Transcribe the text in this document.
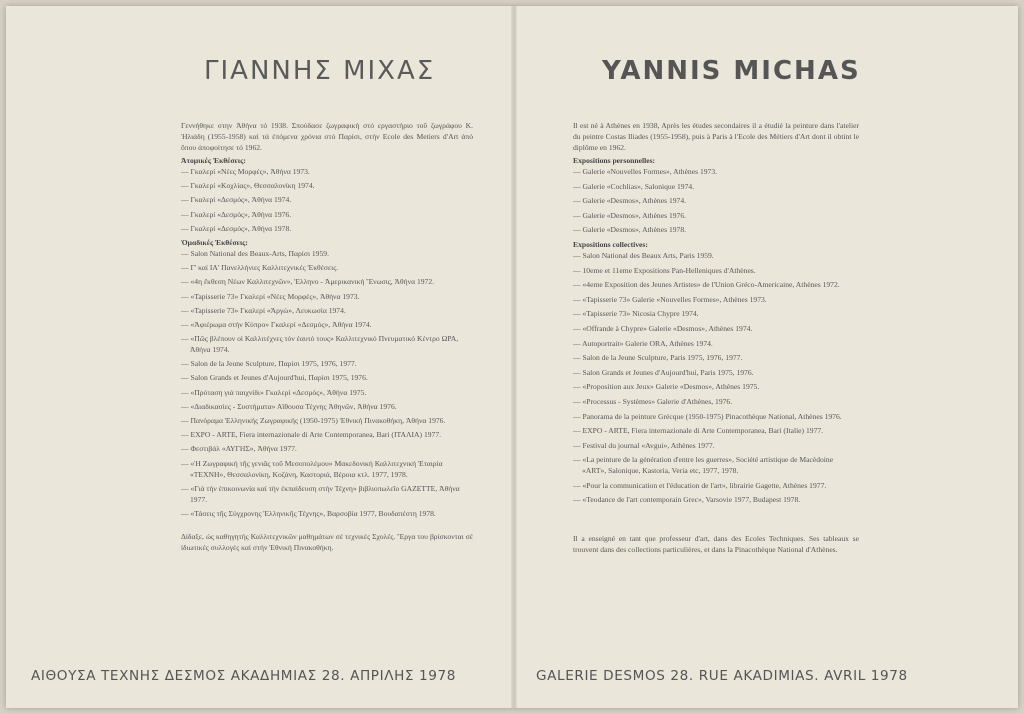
ΓΙΑΝΝΗΣ ΜΙΧΑΣ

Γεννήθηκε στην Ἀθήνα τό 1938. Σπούδασε ζωγραφική στό εργαστήριο τοῦ ζωγράφου Κ. Ἠλιάδη (1955-1958) καί τά ἐπόμενα χρόνια στό Παρίσι, στήν Ecole des Metiers d'Art ἀπό ὅπου ἀποφοίτησε τό 1962.

Ἀτομικές Ἐκθέσεις:

— Γκαλερί «Νέες Μορφές», Ἀθήνα 1973.
— Γκαλερί «Κοχλίας», Θεσσαλονίκη 1974.
— Γκαλερί «Δεσμός», Ἀθήνα 1974.
— Γκαλερί «Δεσμός», Ἀθήνα 1976.
— Γκαλερί «Δεσμός», Ἀθήνα 1978.

Ὁμαδικές Ἐκθέσεις:

— Salon National des Beaux-Arts, Παρίσι 1959.
— Γ' καί ΙΑ' Πανελλήνιες Καλλιτεχνικές Ἐκθέσεις.
— «4η ἔκθεση Νέων Καλλιτεχνῶν», Ἑλληνο - Ἀμερικανική Ἕνωσις, Ἀθήνα 1972.
— «Tapisserie 73» Γκαλερί «Νέες Μορφές», Ἀθήνα 1973.
— «Tapisserie 73» Γκαλερί «Ἀργώ», Λευκωσία 1974.
— «Ἀφιέρωμα στήν Κύπρο» Γκαλερί «Δεσμός», Ἀθήνα 1974.
— «Πῶς βλέπουν οἱ Καλλιτέχνες τόν ἑαυτό τους» Καλλιτεχνικό Πνευματικό Κέντρο ΩΡΑ, Ἀθήνα 1974.
— Salon de la Jeune Sculpture, Παρίσι 1975, 1976, 1977.
— Salon Grands et Jeunes d'Aujourd'hui, Παρίσι 1975, 1976.
— «Πρόταση γιά παιχνίδι» Γκαλερί «Δεσμός», Ἀθήνα 1975.
— «Διαδικασίες - Συστήματα» Αἴθουσα Τέχνης Ἀθηνῶν, Ἀθήνα 1976.
— Πανόραμα Ἑλληνικής Ζωγραφικής (1950-1975) Ἐθνική Πινακοθήκη, Ἀθήνα 1976.
— EXPO - ARTE, Fiera internazionale di Arte Contemporanea, Bari (ΙΤΑΛΙΑ) 1977.
— Φεστιβάλ «ΑΥΓΗΣ», Ἀθήνα 1977.
— «Ἡ Ζωγραφική τῆς γενιᾶς τοῦ Μεσοπολέμου» Μακεδονική Καλλιτεχνική Ἑταιρία «ΤΕΧΝΗ», Θεσσαλονίκη, Κοζάνη, Καστοριά, Βέροια κτλ. 1977, 1978.
— «Γιά τήν ἐπικοινωνία καί τήν ἐκπαίδευση στήν Τέχνη» βιβλιοπωλεῖο GAZETTE, Ἀθήνα 1977.
— «Τάσεις τῆς Σύγχρονης Ἑλληνικῆς Τέχνης», Βαρσοβία 1977, Βουδαπέστη 1978.

Δίδαξε, ὡς καθηγητής Καλλιτεχνικῶν μαθημάτων σέ τεχνικές Σχολές. Ἔργα του βρίσκονται σέ ἰδιωτικές συλλογές καί στήν Ἐθνική Πινακοθήκη.

YANNIS MICHAS

Il est né à Athènes en 1938, Après les études secondaires il a étudié la peinture dans l'atelier du peintre Costas Iliades (1955-1958), puis à Paris à l'Ecole des Métiers d'Art dont il obtint le diplôme en 1962.

Expositions personnelles:

— Galerie «Nouvelles Formes», Athènes 1973.
— Galerie «Cochlias», Salonique 1974.
— Galerie «Desmos», Athènes 1974.
— Galerie «Desmos», Athènes 1976.
— Galerie «Desmos», Athènes 1978.

Expositions collectives:

— Salon National des Beaux Arts, Paris 1959.
— 10eme et 11eme Expositions Pan-Helleniques d'Athènes.
— «4eme Exposition des Jeunes Artistes» de l'Union Gréco-Americaine, Athènes 1972.
— «Tapisserie 73» Galerie «Nouvelles Formes», Athènes 1973.
— «Tapisserie 73» Nicosia Chypre 1974.
— «Offrande à Chypre» Galerie «Desmos», Athènes 1974.
— Autoportrait» Galerie ORA, Athènes 1974.
— Salon de la Jeune Sculpture, Paris 1975, 1976, 1977.
— Salon Grands et Jeunes d'Aujourd'hui, Paris 1975, 1976.
— «Proposition aux Jeux» Galerie «Desmos», Athènes 1975.
— «Processus - Systèmes» Galerie d'Athènes, 1976.
— Panorama de la peinture Grécque (1950-1975) Pinacothèque National, Athènes 1976.
— EXPO - ARTE, Fiera internazionale di Arte Contemporanea, Bari (Italie) 1977.
— Festival du journal «Avgui», Athènes 1977.
— «La peinture de la génération d'entre les guerres», Société artistique de Macèdoine «ART», Salonique, Kastoria, Veria etc, 1977, 1978.
— «Pour la communication et l'éducation de l'art», librairie Gagette, Athènes 1977.
— «Teodance de l'art contemporain Grec», Varsovie 1977, Budapest 1978.

Il a enseigné en tant que professeur d'art, dans des Ecoles Techniques. Ses tableaux se trouvent dans des collections particulières, et dans la Pinacothèque National d'Athènes.

ΑΙΘΟΥΣΑ ΤΕΧΝΗΣ ΔΕΣΜΟΣ ΑΚΑΔΗΜΙΑΣ 28. ΑΠΡΙΛΗΣ 1978	GALERIE DESMOS 28. RUE AKADIMIAS. AVRIL 1978
